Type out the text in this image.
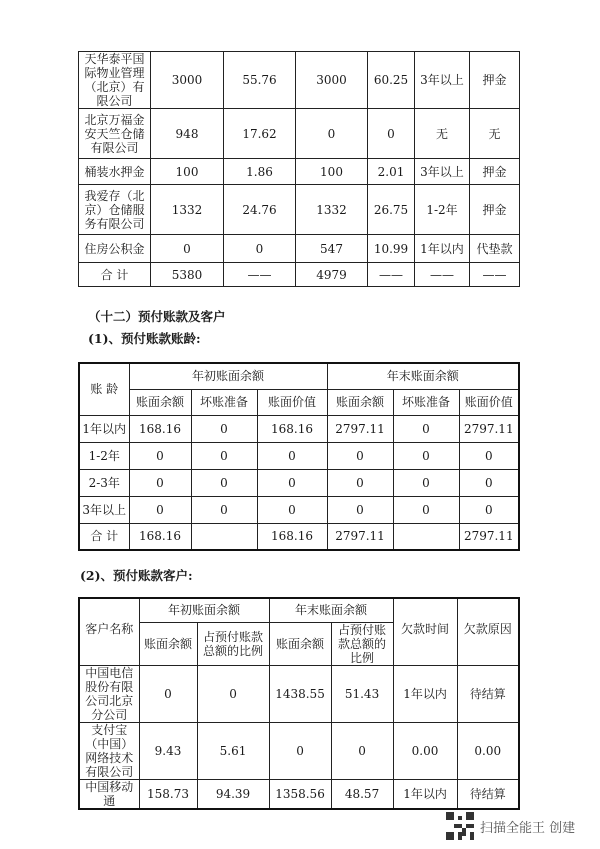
天华泰平国际物业管理（北京）有限公司	3000	55.76	3000	60.25	3年以上	押金
北京万福金安天竺仓储有限公司	948	17.62	0	0	无	无
桶装水押金	100	1.86	100	2.01	3年以上	押金
我爱存（北京）仓储服务有限公司	1332	24.76	1332	26.75	1-2年	押金
住房公积金	0	0	547	10.99	1年以内	代垫款
合 计	5380	——	4979	——	——	——
（十二）预付账款及客户
(1)、预付账款账龄:
账 龄	年初账面余额			年末账面余额		
	账面余额	坏账准备	账面价值	账面余额	坏账准备	账面价值
1年以内	168.16	0	168.16	2797.11	0	2797.11
1-2年	0	0	0	0	0	0
2-3年	0	0	0	0	0	0
3年以上	0	0	0	0	0	0
合 计	168.16		168.16	2797.11		2797.11
(2)、预付账款客户:
	年初账面余额		年末账面余额			
客户名称	账面余额	占预付账款总额的比例	账面余额	占预付账款总额的比例	欠款时间	欠款原因
中国电信股份有限公司北京分公司	0	0	1438.55	51.43	1年以内	待结算
支付宝（中国）网络技术有限公司	9.43	5.61	0	0	0.00	0.00
中国移动通	158.73	94.39	1358.56	48.57	1年以内	待结算
扫描全能王 创建
